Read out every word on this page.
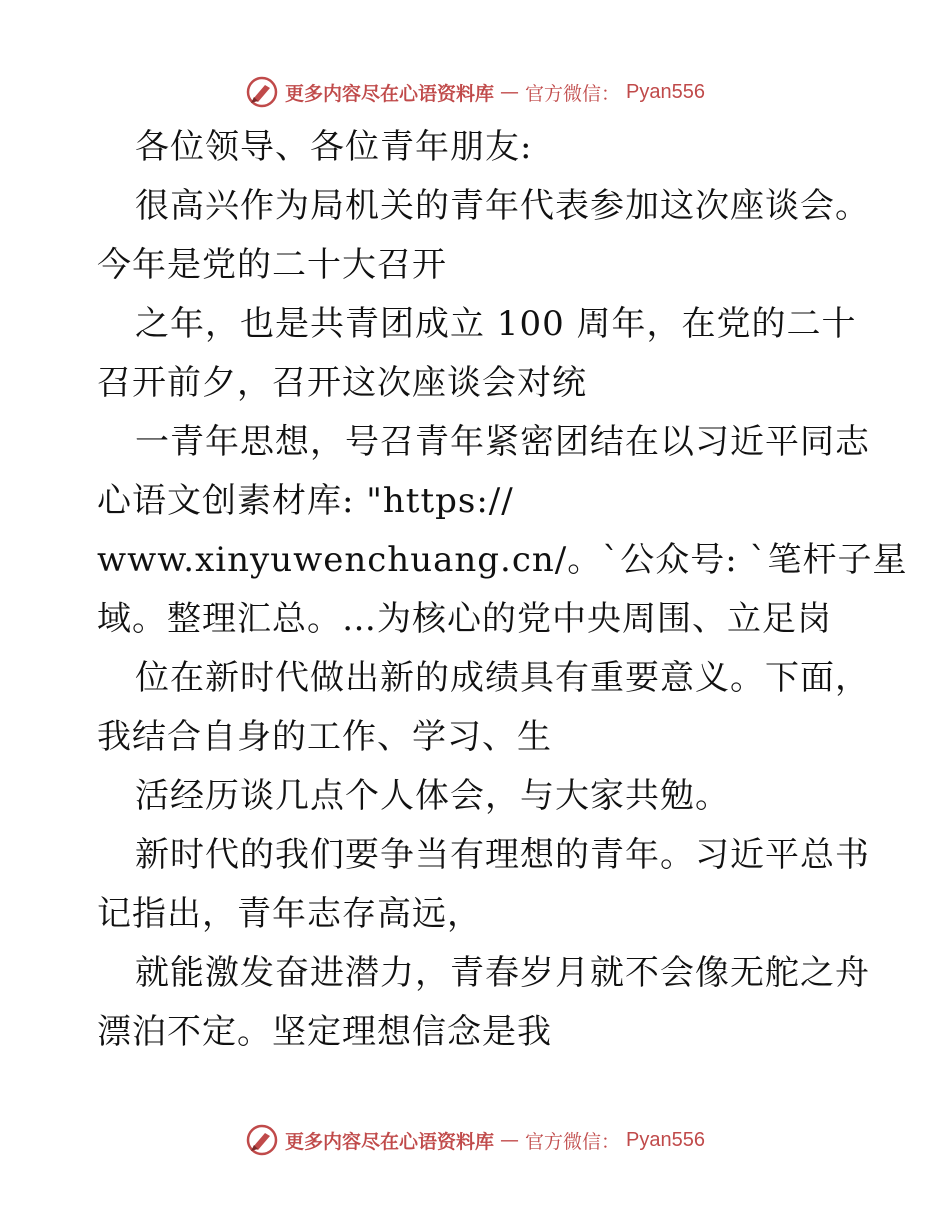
更多内容尽在心语资料库 — 官方微信： Pyan556
各位领导、各位青年朋友:
很高兴作为局机关的青年代表参加这次座谈会。
今年是党的二十大召开
之年，也是共青团成立 100 周年，在党的二十
召开前夕，召开这次座谈会对统
一青年思想，号召青年紧密团结在以习近平同志
心语文创素材库: "https://
www.xinyuwenchuang.cn/。`公众号: `笔杆子星
域。整理汇总。…为核心的党中央周围、立足岗
位在新时代做出新的成绩具有重要意义。下面，
我结合自身的工作、学习、生
活经历谈几点个人体会，与大家共勉。
新时代的我们要争当有理想的青年。习近平总书
记指出，青年志存高远，
就能激发奋进潜力，青春岁月就不会像无舵之舟
漂泊不定。坚定理想信念是我
更多内容尽在心语资料库 — 官方微信： Pyan556
